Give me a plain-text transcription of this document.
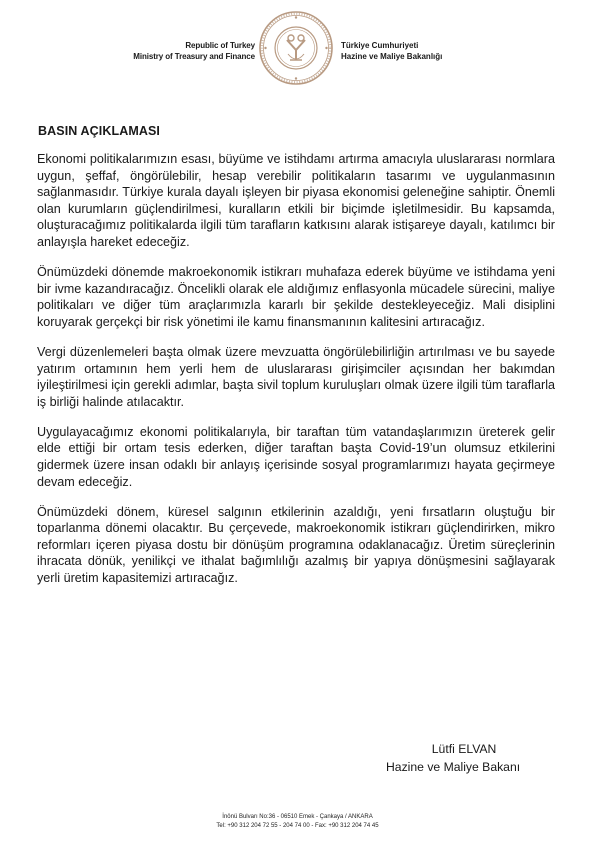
Republic of Turkey
Ministry of Treasury and Finance
Türkiye Cumhuriyeti
Hazine ve Maliye Bakanlığı
BASIN AÇIKLAMASI

Ekonomi politikalarımızın esası, büyüme ve istihdamı artırma amacıyla uluslararası normlara uygun, şeffaf, öngörülebilir, hesap verebilir politikaların tasarımı ve uygulanmasının sağlanmasıdır. Türkiye kurala dayalı işleyen bir piyasa ekonomisi geleneğine sahiptir. Önemli olan kurumların güçlendirilmesi, kuralların etkili bir biçimde işletilmesidir. Bu kapsamda, oluşturacağımız politikalarda ilgili tüm tarafların katkısını alarak istişareye dayalı, katılımcı bir anlayışla hareket edeceğiz.

Önümüzdeki dönemde makroekonomik istikrarı muhafaza ederek büyüme ve istihdama yeni bir ivme kazandıracağız. Öncelikli olarak ele aldığımız enflasyonla mücadele sürecini, maliye politikaları ve diğer tüm araçlarımızla kararlı bir şekilde destekleyeceğiz. Mali disiplini koruyarak gerçekçi bir risk yönetimi ile kamu finansmanının kalitesini artıracağız.

Vergi düzenlemeleri başta olmak üzere mevzuatta öngörülebilirliğin artırılması ve bu sayede yatırım ortamının hem yerli hem de uluslararası girişimciler açısından her bakımdan iyileştirilmesi için gerekli adımlar, başta sivil toplum kuruluşları olmak üzere ilgili tüm taraflarla iş birliği halinde atılacaktır.

Uygulayacağımız ekonomi politikalarıyla, bir taraftan tüm vatandaşlarımızın üreterek gelir elde ettiği bir ortam tesis ederken, diğer taraftan başta Covid-19’un olumsuz etkilerini gidermek üzere insan odaklı bir anlayış içerisinde sosyal programlarımızı hayata geçirmeye devam edeceğiz.

Önümüzdeki dönem, küresel salgının etkilerinin azaldığı, yeni fırsatların oluştuğu bir toparlanma dönemi olacaktır. Bu çerçevede, makroekonomik istikrarı güçlendirirken, mikro reformları içeren piyasa dostu bir dönüşüm programına odaklanacağız. Üretim süreçlerinin ihracata dönük, yenilikçi ve ithalat bağımlılığı azalmış bir yapıya dönüşmesini sağlayarak yerli üretim kapasitemizi artıracağız.

Lütfi ELVAN
Hazine ve Maliye Bakanı
İnönü Bulvarı No:36 - 06510 Emek - Çankaya / ANKARA
Tel: +90 312 204 72 55 - 204 74 00 - Fax: +90 312 204 74 45
